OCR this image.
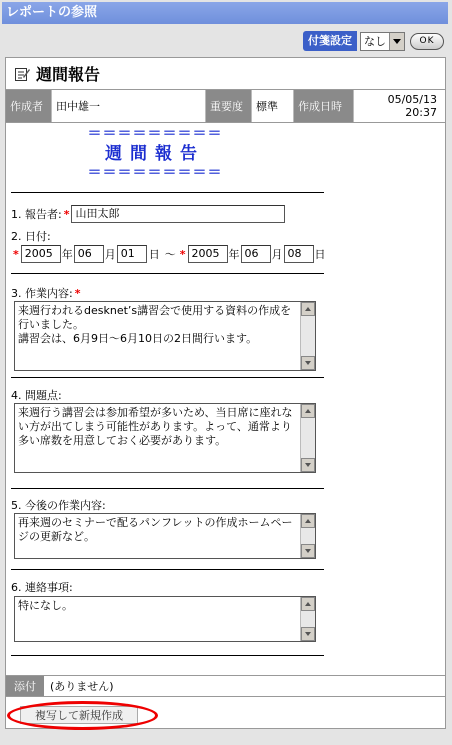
レポートの参照
付箋設定	なし	OK
週間報告
作成者	田中雄一	重要度	標準	作成日時
05/05/13
20:37
＝＝＝＝＝＝＝＝＝
週間報告
＝＝＝＝＝＝＝＝＝
1. 報告者: * 山田太郎
2. 日付:
* 2005 年 06	月 01	日 ～ * 2005 年 06	月 08	日
3. 作業内容: *
来週行われるdesknet’s講習会で使用する資料の作成を行いました。
講習会は、6月9日～6月10日の2日間行います。
4. 問題点:
来週行う講習会は参加希望が多いため、当日席に座れない方が出てしまう可能性があります。よって、通常より多い席数を用意しておく必要があります。
5. 今後の作業内容:
再来週のセミナーで配るパンフレットの作成ホームページの更新など。
6. 連絡事項:
特になし。
添付	(ありません)
複写して新規作成
